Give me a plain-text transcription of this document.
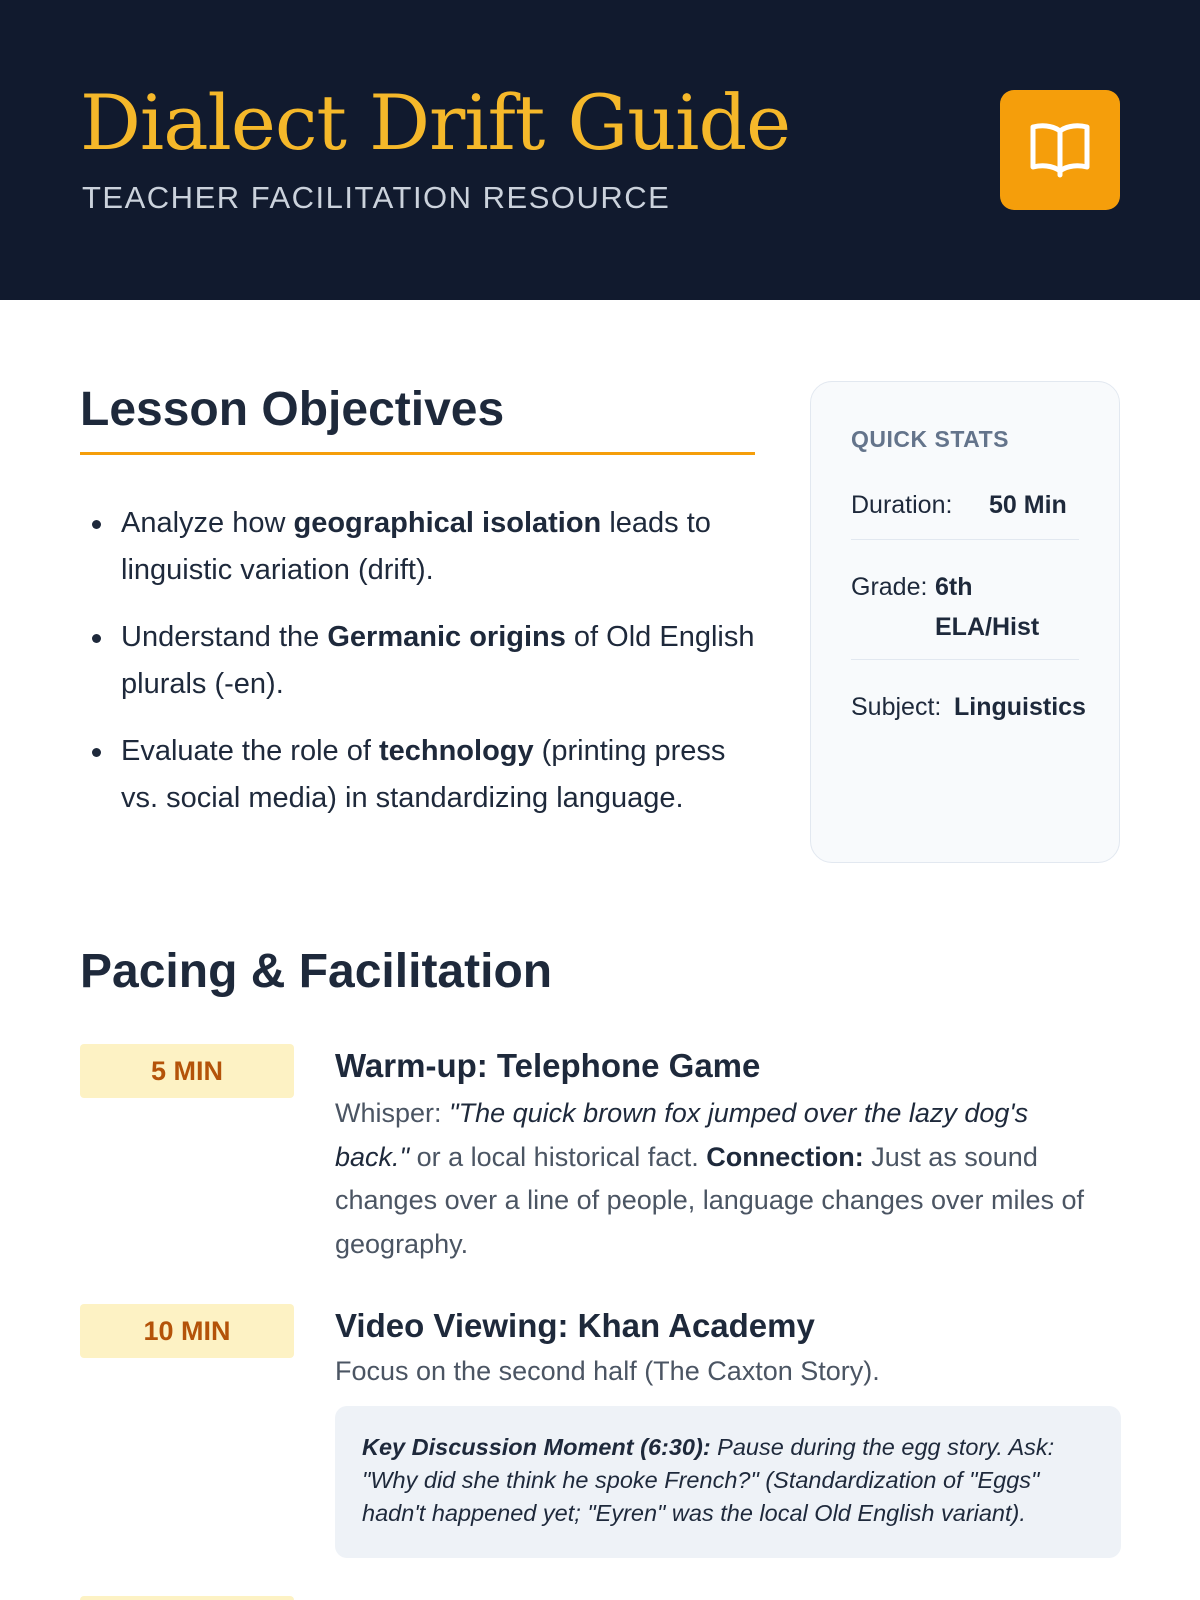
Dialect Drift Guide
TEACHER FACILITATION RESOURCE
Lesson Objectives
Analyze how geographical isolation leads to linguistic variation (drift).
Understand the Germanic origins of Old English plurals (-en).
Evaluate the role of technology (printing press vs. social media) in standardizing language.
QUICK STATS
Duration: 50 Min
Grade: 6th ELA/Hist
Subject: Linguistics
Pacing & Facilitation
5 MIN	Warm-up: Telephone Game

Whisper: "The quick brown fox jumped over the lazy dog's back." or a local historical fact. Connection: Just as sound changes over a line of people, language changes over miles of geography.

10 MIN	Video Viewing: Khan Academy

Focus on the second half (The Caxton Story).

Key Discussion Moment (6:30): Pause during the egg story. Ask: "Why did she think he spoke French?" (Standardization of "Eggs" hadn't happened yet; "Eyren" was the local Old English variant).
